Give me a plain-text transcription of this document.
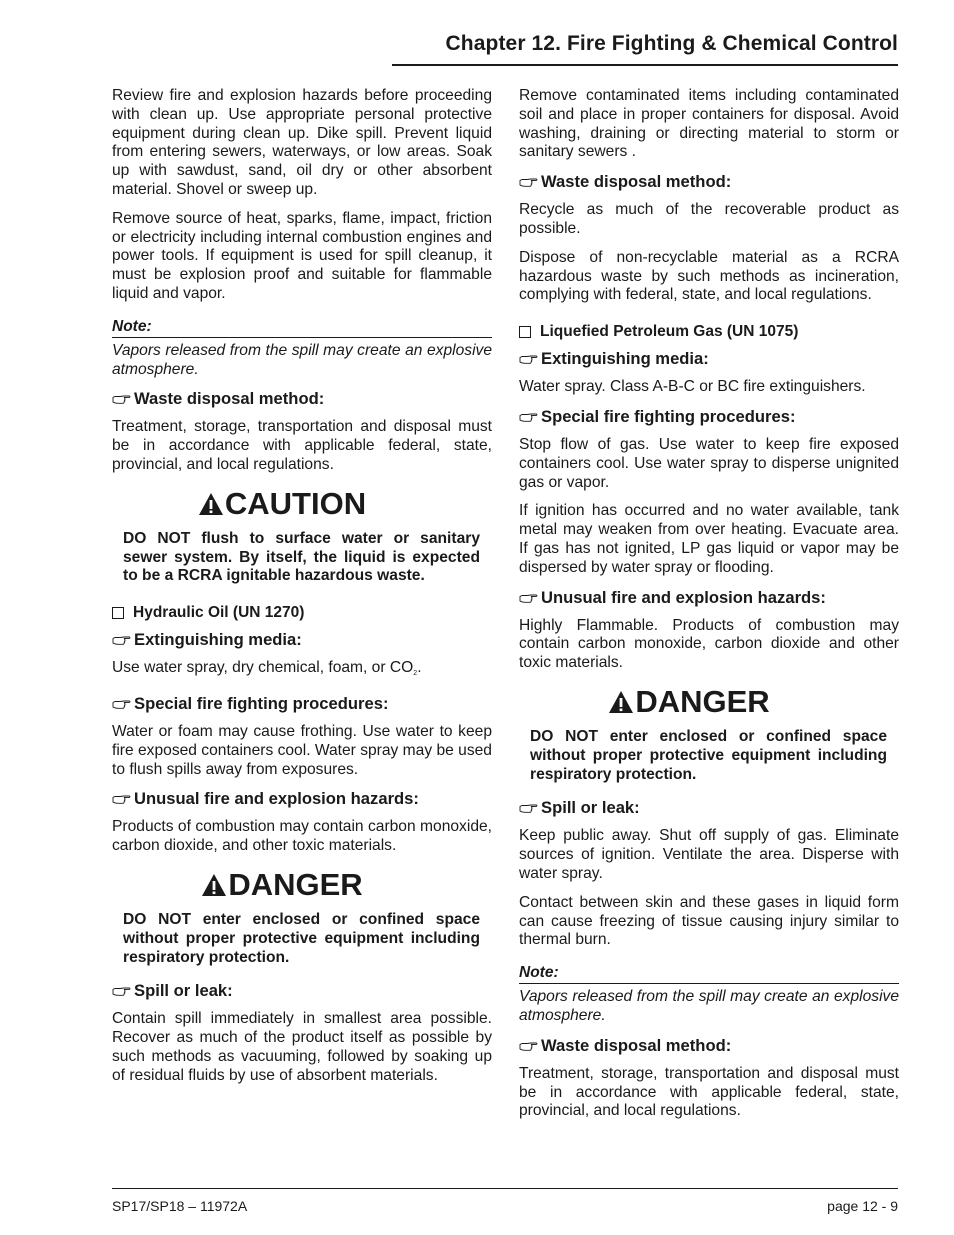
Chapter 12. Fire Fighting & Chemical Control

Review fire and explosion hazards before proceeding with clean up. Use appropriate personal protective equipment during clean up. Dike spill. Prevent liquid from entering sewers, waterways, or low areas. Soak up with sawdust, sand, oil dry or other absorbent material. Shovel or sweep up.

Remove source of heat, sparks, flame, impact, friction or electricity including internal combustion engines and power tools. If equipment is used for spill cleanup, it must be explosion proof and suitable for flammable liquid and vapor.

Note:
Vapors released from the spill may create an explosive atmosphere.
Waste disposal method:

Treatment, storage, transportation and disposal must be in accordance with applicable federal, state, provincial, and local regulations.

CAUTION
DO NOT flush to surface water or sanitary sewer system. By itself, the liquid is expected to be a RCRA ignitable hazardous waste.
Hydraulic Oil (UN 1270)
Extinguishing media:

Use water spray, dry chemical, foam, or CO2.

Special fire fighting procedures:

Water or foam may cause frothing. Use water to keep fire exposed containers cool. Water spray may be used to flush spills away from exposures.

Unusual fire and explosion hazards:

Products of combustion may contain carbon monoxide, carbon dioxide, and other toxic materials.

DANGER
DO NOT enter enclosed or confined space without proper protective equipment including respiratory protection.
Spill or leak:

Contain spill immediately in smallest area possible. Recover as much of the product itself as possible by such methods as vacuuming, followed by soaking up of residual fluids by use of absorbent materials.

Remove contaminated items including contaminated soil and place in proper containers for disposal. Avoid washing, draining or directing material to storm or sanitary sewers .

Waste disposal method:

Recycle as much of the recoverable product as possible.

Dispose of non-recyclable material as a RCRA hazardous waste by such methods as incineration, complying with federal, state, and local regulations.

Liquefied Petroleum Gas (UN 1075)
Extinguishing media:

Water spray. Class A-B-C or BC fire extinguishers.

Special fire fighting procedures:

Stop flow of gas. Use water to keep fire exposed containers cool. Use water spray to disperse unignited gas or vapor.

If ignition has occurred and no water available, tank metal may weaken from over heating. Evacuate area. If gas has not ignited, LP gas liquid or vapor may be dispersed by water spray or flooding.

Unusual fire and explosion hazards:

Highly Flammable. Products of combustion may contain carbon monoxide, carbon dioxide and other toxic materials.

DANGER
DO NOT enter enclosed or confined space without proper protective equipment including respiratory protection.
Spill or leak:

Keep public away. Shut off supply of gas. Eliminate sources of ignition. Ventilate the area. Disperse with water spray.

Contact between skin and these gases in liquid form can cause freezing of tissue causing injury similar to thermal burn.

Note:
Vapors released from the spill may create an explosive atmosphere.
Waste disposal method:

Treatment, storage, transportation and disposal must be in accordance with applicable federal, state, provincial, and local regulations.

SP17/SP18 – 11972A	page 12 - 9
